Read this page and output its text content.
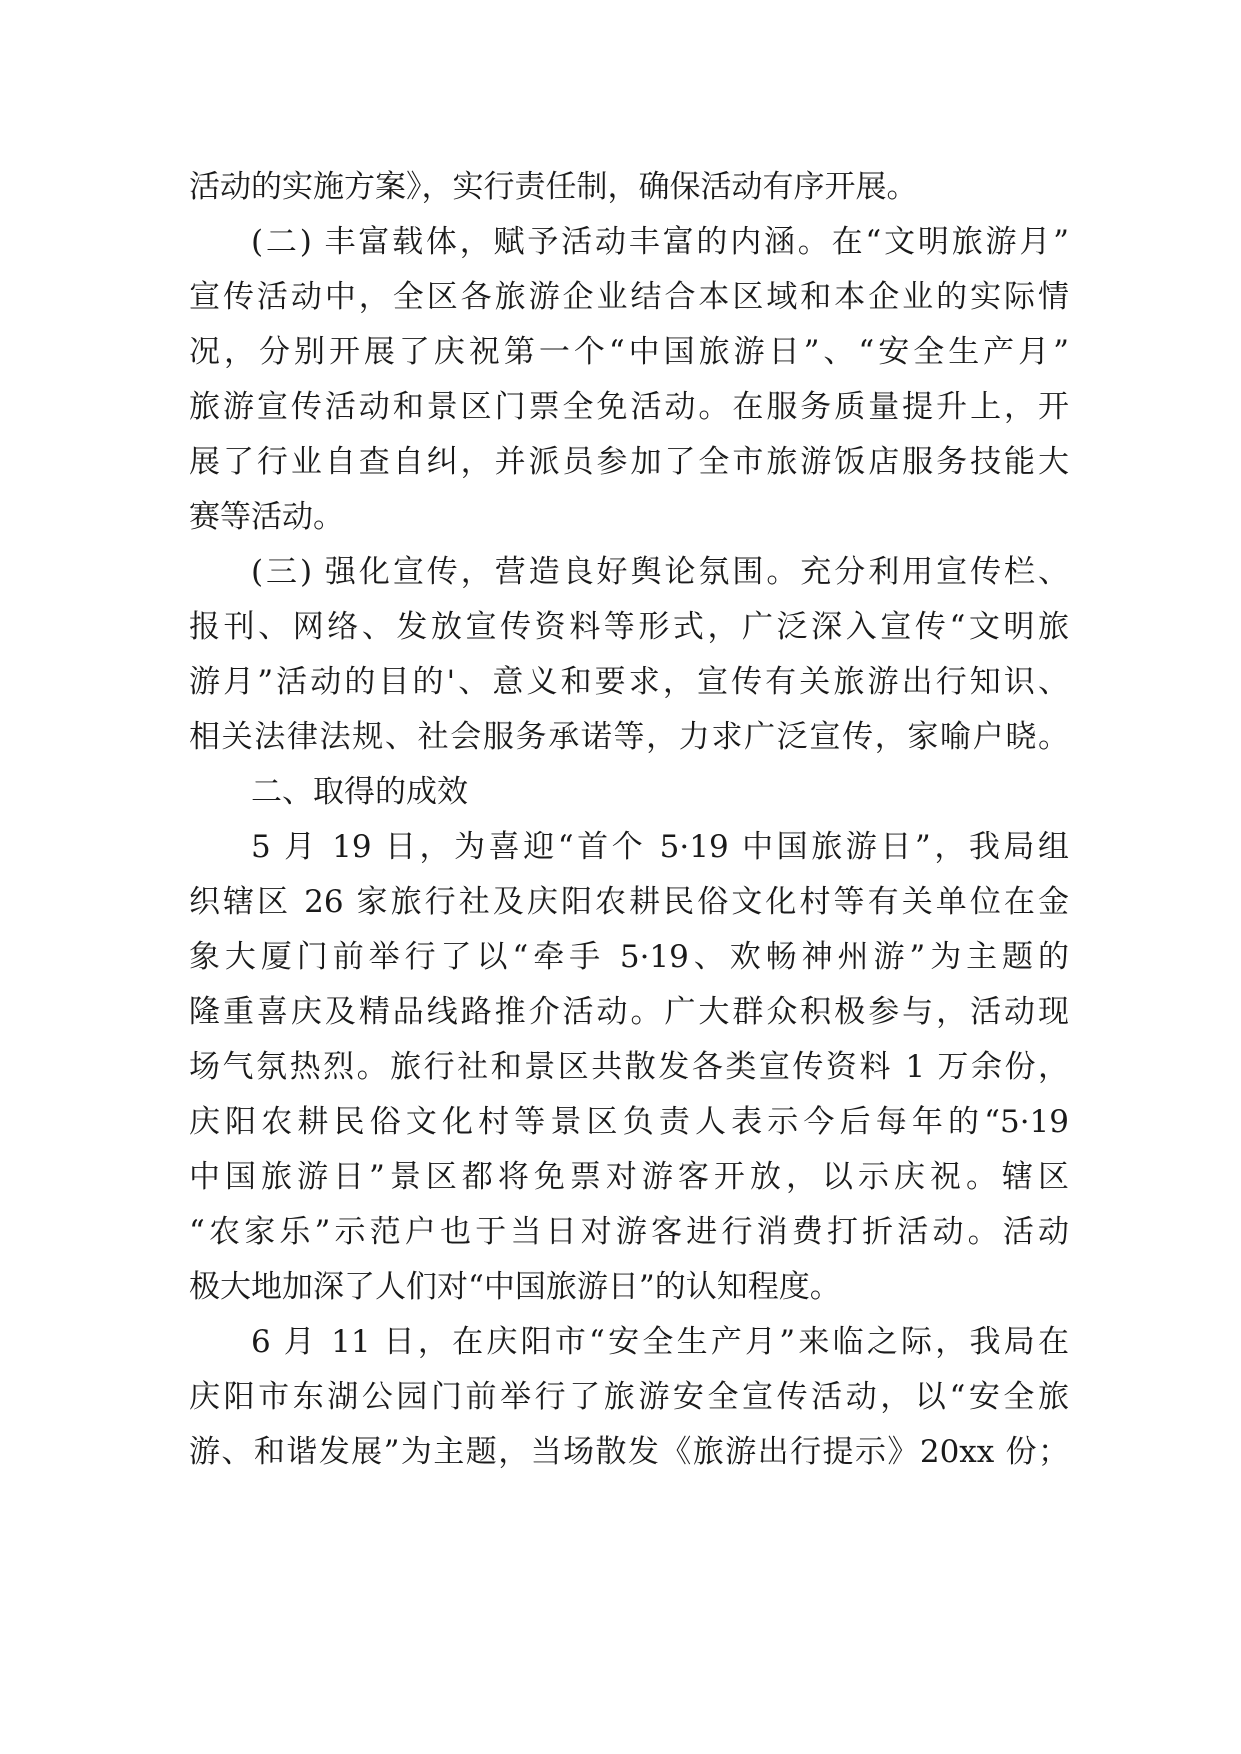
活动的实施方案》，实行责任制，确保活动有序开展。
(二) 丰富载体，赋予活动丰富的内涵。在“文明旅游月”
宣传活动中，全区各旅游企业结合本区域和本企业的实际情
况，分别开展了庆祝第一个“中国旅游日”、“安全生产月”
旅游宣传活动和景区门票全免活动。在服务质量提升上，开
展了行业自查自纠，并派员参加了全市旅游饭店服务技能大
赛等活动。
(三) 强化宣传，营造良好舆论氛围。充分利用宣传栏、
报刊、网络、发放宣传资料等形式，广泛深入宣传“文明旅
游月”活动的目的'、意义和要求，宣传有关旅游出行知识、
相关法律法规、社会服务承诺等，力求广泛宣传，家喻户晓。
二、取得的成效
5 月 19 日，为喜迎“首个 5·19 中国旅游日”，我局组
织辖区 26 家旅行社及庆阳农耕民俗文化村等有关单位在金
象大厦门前举行了以“牵手 5·19、欢畅神州游”为主题的
隆重喜庆及精品线路推介活动。广大群众积极参与，活动现
场气氛热烈。旅行社和景区共散发各类宣传资料 1 万余份，
庆阳农耕民俗文化村等景区负责人表示今后每年的“5·19
中国旅游日”景区都将免票对游客开放，以示庆祝。辖区
“农家乐”示范户也于当日对游客进行消费打折活动。活动
极大地加深了人们对“中国旅游日”的认知程度。
6 月 11 日，在庆阳市“安全生产月”来临之际，我局在
庆阳市东湖公园门前举行了旅游安全宣传活动，以“安全旅
游、和谐发展”为主题，当场散发《旅游出行提示》20xx 份；
